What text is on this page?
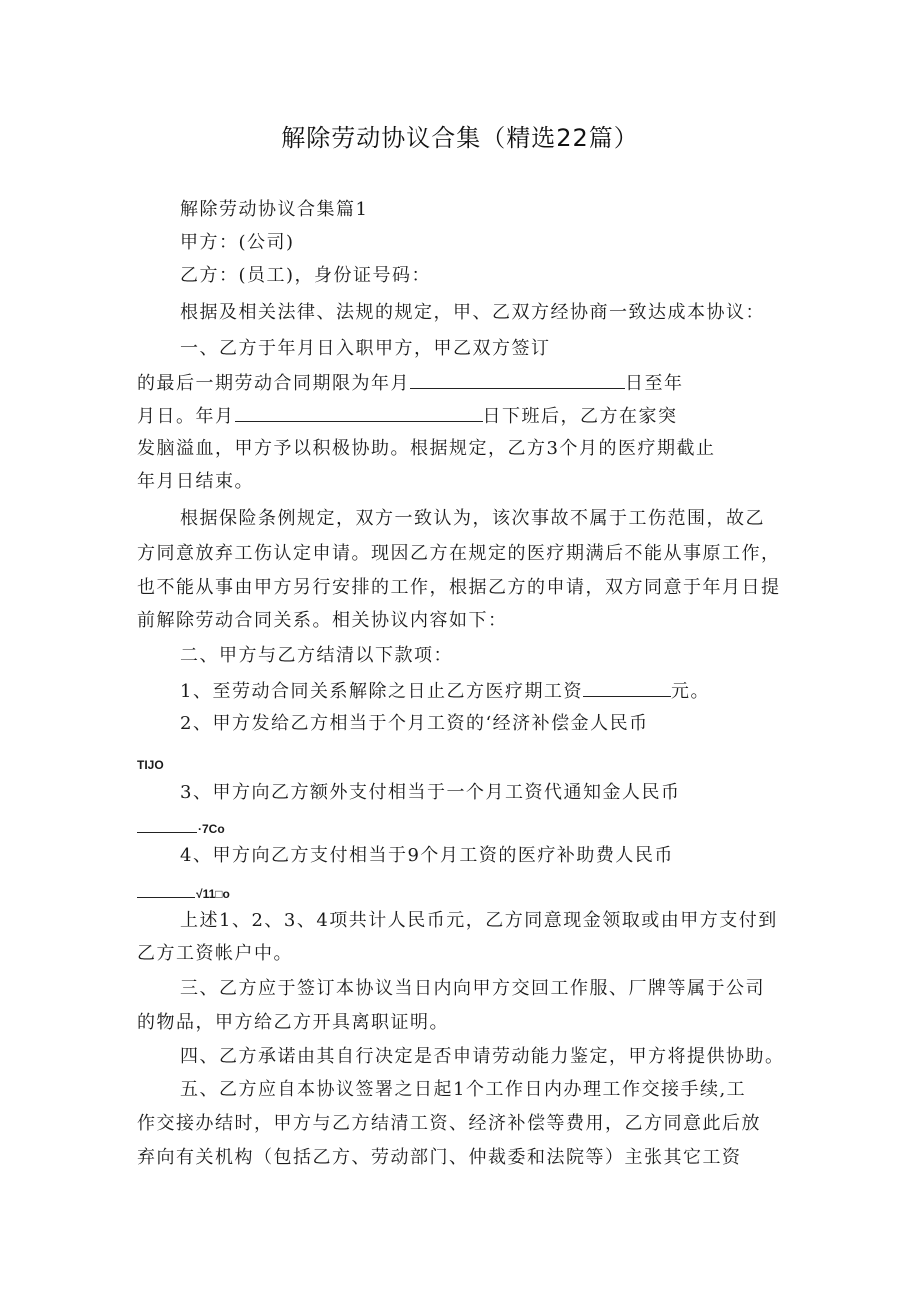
解除劳动协议合集（精选22篇）
解除劳动协议合集篇1
甲方：(公司)
乙方：(员工)，身份证号码：
根据及相关法律、法规的规定，甲、乙双方经协商一致达成本协议：
一、乙方于年月日入职甲方，甲乙双方签订
的最后一期劳动合同期限为年月	日至年
月日。年月	日下班后，乙方在家突
发脑溢血，甲方予以积极协助。根据规定，乙方3个月的医疗期截止
年月日结束。
根据保险条例规定，双方一致认为，该次事故不属于工伤范围，故乙
方同意放弃工伤认定申请。现因乙方在规定的医疗期满后不能从事原工作，
也不能从事由甲方另行安排的工作，根据乙方的申请，双方同意于年月日提
前解除劳动合同关系。相关协议内容如下：
二、甲方与乙方结清以下款项：
1、至劳动合同关系解除之日止乙方医疗期工资	元。
2、甲方发给乙方相当于个月工资的‘经济补偿金人民币
TIJO
3、甲方向乙方额外支付相当于一个月工资代通知金人民币
·7Co
4、甲方向乙方支付相当于9个月工资的医疗补助费人民币
√11□o
上述1、2、3、4项共计人民币元，乙方同意现金领取或由甲方支付到
乙方工资帐户中。
三、乙方应于签订本协议当日内向甲方交回工作服、厂牌等属于公司
的物品，甲方给乙方开具离职证明。
四、乙方承诺由其自行决定是否申请劳动能力鉴定，甲方将提供协助。
五、乙方应自本协议签署之日起1个工作日内办理工作交接手续,工
作交接办结时，甲方与乙方结清工资、经济补偿等费用，乙方同意此后放
弃向有关机构（包括乙方、劳动部门、仲裁委和法院等）主张其它工资
